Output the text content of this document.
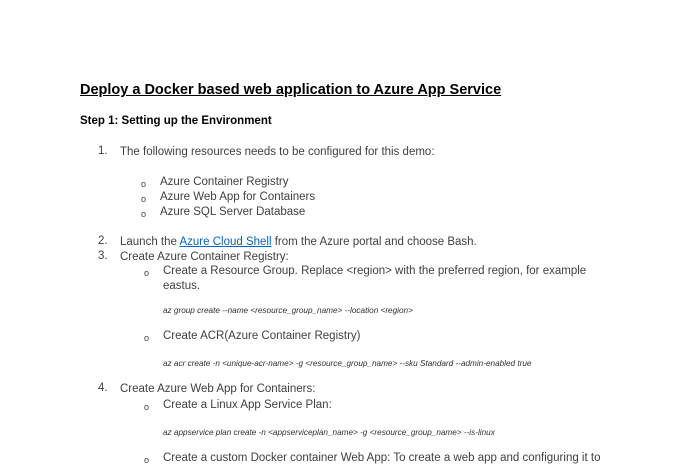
Deploy a Docker based web application to Azure App Service
Step 1: Setting up the Environment
1. The following resources needs to be configured for this demo:
o Azure Container Registry
o Azure Web App for Containers
o Azure SQL Server Database
2. Launch the Azure Cloud Shell from the Azure portal and choose Bash.
3. Create Azure Container Registry:
o Create a Resource Group. Replace <region> with the preferred region, for example
eastus.
az group create --name <resource_group_name> --location <region>
o Create ACR(Azure Container Registry)
az acr create -n <unique-acr-name> -g <resource_group_name> --sku Standard --admin-enabled true
4. Create Azure Web App for Containers:
o Create a Linux App Service Plan:
az appservice plan create -n <appserviceplan_name> -g <resource_group_name> --is-linux
o Create a custom Docker container Web App: To create a web app and configuring it to
